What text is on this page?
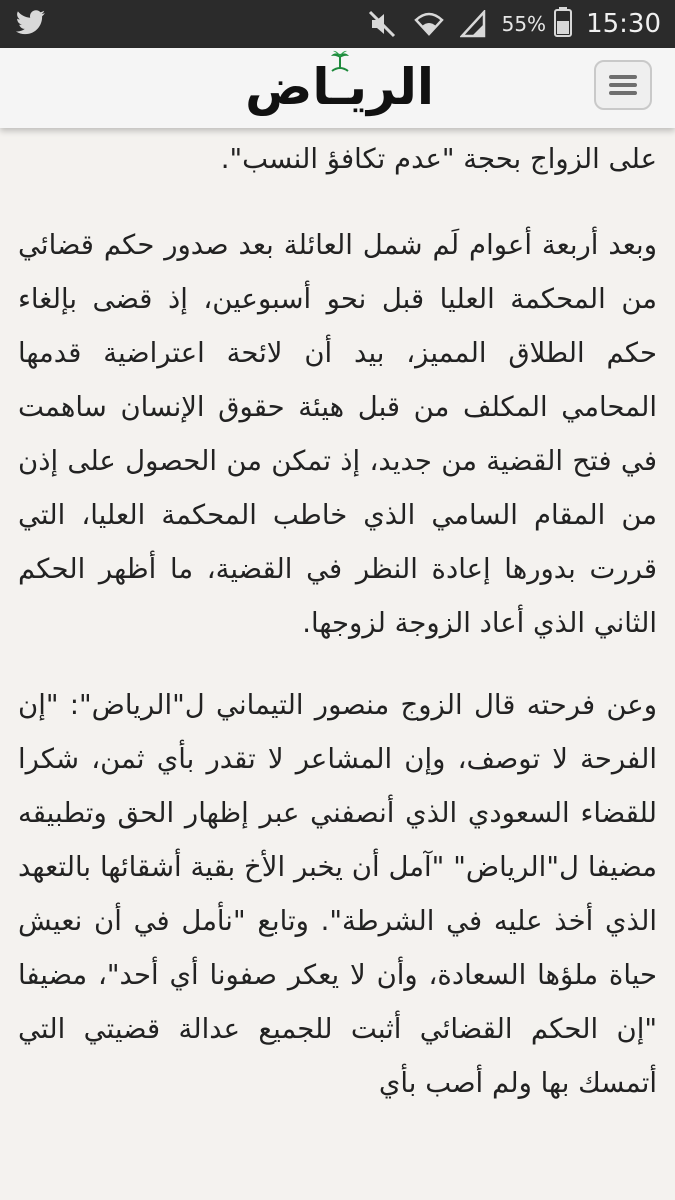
55% 15:30
الريـاض

على الزواج بحجة "عدم تكافؤ النسب".

وبعد أربعة أعوام لَم شمل العائلة بعد صدور حكم قضائي من المحكمة العليا قبل نحو أسبوعين، إذ قضى بإلغاء حكم الطلاق المميز، بيد أن لائحة اعتراضية قدمها المحامي المكلف من قبل هيئة حقوق الإنسان ساهمت في فتح القضية من جديد، إذ تمكن من الحصول على إذن من المقام السامي الذي خاطب المحكمة العليا، التي قررت بدورها إعادة النظر في القضية، ما أظهر الحكم الثاني الذي أعاد الزوجة لزوجها.

وعن فرحته قال الزوج منصور التيماني ل"الرياض": "إن الفرحة لا توصف، وإن المشاعر لا تقدر بأي ثمن، شكرا للقضاء السعودي الذي أنصفني عبر إظهار الحق وتطبيقه مضيفا ل"الرياض" "آمل أن يخبر الأخ بقية أشقائها بالتعهد الذي أخذ عليه في الشرطة". وتابع "نأمل في أن نعيش حياة ملؤها السعادة، وأن لا يعكر صفونا أي أحد"، مضيفا "إن الحكم القضائي أثبت للجميع عدالة قضيتي التي أتمسك بها ولم أصب بأي
